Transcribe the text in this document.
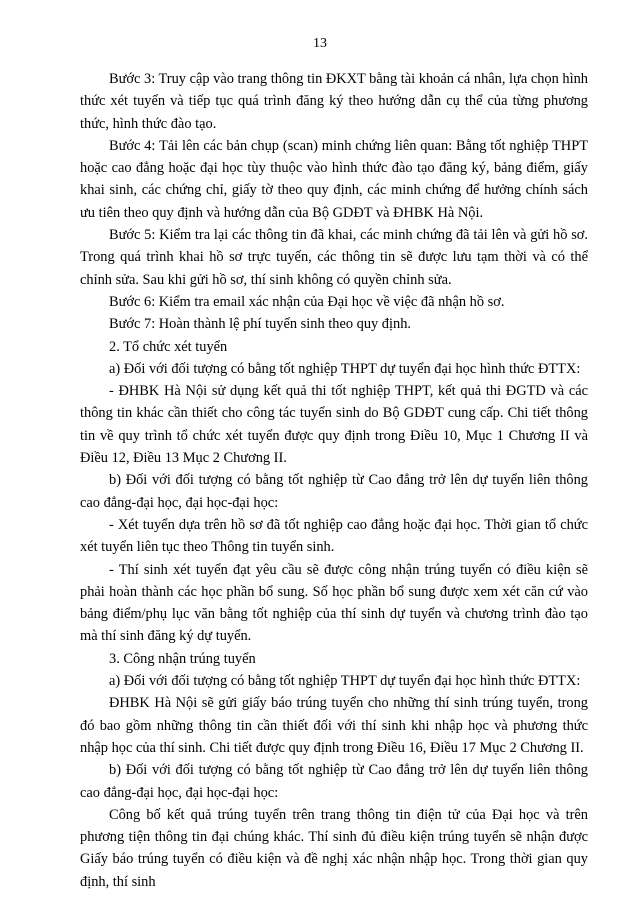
13

Bước 3: Truy cập vào trang thông tin ĐKXT bằng tài khoản cá nhân, lựa chọn hình thức xét tuyển và tiếp tục quá trình đăng ký theo hướng dẫn cụ thể của từng phương thức, hình thức đào tạo.

Bước 4: Tải lên các bản chụp (scan) minh chứng liên quan: Bằng tốt nghiệp THPT hoặc cao đẳng hoặc đại học tùy thuộc vào hình thức đào tạo đăng ký, bảng điểm, giấy khai sinh, các chứng chỉ, giấy tờ theo quy định, các minh chứng để hưởng chính sách ưu tiên theo quy định và hướng dẫn của Bộ GDĐT và ĐHBK Hà Nội.

Bước 5: Kiểm tra lại các thông tin đã khai, các minh chứng đã tải lên và gửi hồ sơ. Trong quá trình khai hồ sơ trực tuyến, các thông tin sẽ được lưu tạm thời và có thể chỉnh sửa. Sau khi gửi hồ sơ, thí sinh không có quyền chỉnh sửa.

Bước 6: Kiểm tra email xác nhận của Đại học về việc đã nhận hồ sơ.

Bước 7: Hoàn thành lệ phí tuyển sinh theo quy định.

2. Tổ chức xét tuyển

a) Đối với đối tượng có bằng tốt nghiệp THPT dự tuyển đại học hình thức ĐTTX:

- ĐHBK Hà Nội sử dụng kết quả thi tốt nghiệp THPT, kết quả thi ĐGTD và các thông tin khác cần thiết cho công tác tuyển sinh do Bộ GDĐT cung cấp. Chi tiết thông tin về quy trình tổ chức xét tuyển được quy định trong Điều 10, Mục 1 Chương II và Điều 12, Điều 13 Mục 2 Chương II.

b) Đối với đối tượng có bằng tốt nghiệp từ Cao đẳng trở lên dự tuyển liên thông cao đẳng-đại học, đại học-đại học:

- Xét tuyển dựa trên hồ sơ đã tốt nghiệp cao đẳng hoặc đại học. Thời gian tổ chức xét tuyển liên tục theo Thông tin tuyển sinh.

- Thí sinh xét tuyển đạt yêu cầu sẽ được công nhận trúng tuyển có điều kiện sẽ phải hoàn thành các học phần bổ sung. Số học phần bổ sung được xem xét căn cứ vào bảng điểm/phụ lục văn bằng tốt nghiệp của thí sinh dự tuyển và chương trình đào tạo mà thí sinh đăng ký dự tuyển.

3. Công nhận trúng tuyển

a) Đối với đối tượng có bằng tốt nghiệp THPT dự tuyển đại học hình thức ĐTTX:

ĐHBK Hà Nội sẽ gửi giấy báo trúng tuyển cho những thí sinh trúng tuyển, trong đó bao gồm những thông tin cần thiết đối với thí sinh khi nhập học và phương thức nhập học của thí sinh. Chi tiết được quy định trong Điều 16, Điều 17 Mục 2 Chương II.

b) Đối với đối tượng có bằng tốt nghiệp từ Cao đẳng trở lên dự tuyển liên thông cao đẳng-đại học, đại học-đại học:

Công bố kết quả trúng tuyển trên trang thông tin điện tử của Đại học và trên phương tiện thông tin đại chúng khác. Thí sinh đủ điều kiện trúng tuyển sẽ nhận được Giấy báo trúng tuyển có điều kiện và đề nghị xác nhận nhập học. Trong thời gian quy định, thí sinh
